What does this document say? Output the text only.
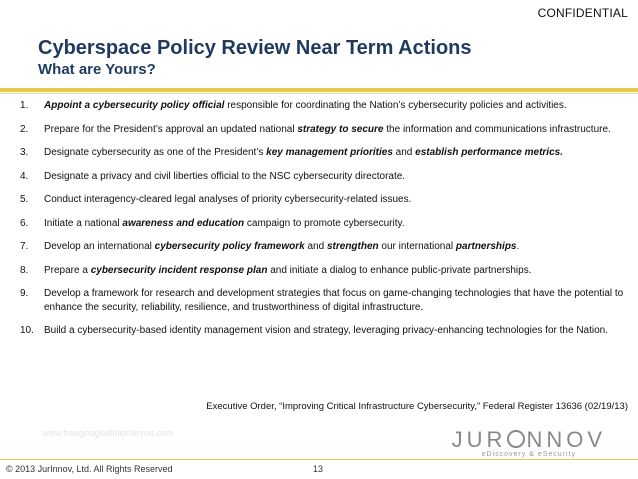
CONFIDENTIAL
Cyberspace Policy Review Near Term Actions
What are Yours?
1.	Appoint a cybersecurity policy official responsible for coordinating the Nation’s cybersecurity policies and activities.
2.	Prepare for the President’s approval an updated national strategy to secure the information and communications infrastructure.
3.	Designate cybersecurity as one of the President’s key management priorities and establish performance metrics.
4.	Designate a privacy and civil liberties official to the NSC cybersecurity directorate.
5.	Conduct interagency-cleared legal analyses of priority cybersecurity-related issues.
6.	Initiate a national awareness and education campaign to promote cybersecurity.
7.	Develop an international cybersecurity policy framework and strengthen our international partnerships.
8.	Prepare a cybersecurity incident response plan and initiate a dialog to enhance public-private partnerships.
9.	Develop a framework for research and development strategies that focus on game-changing technologies that have the potential to enhance the security, reliability, resilience, and trustworthiness of digital infrastructure.
10.	Build a cybersecurity-based identity management vision and strategy, leveraging privacy-enhancing technologies for the Nation.
Executive Order, “Improving Critical Infrastructure Cybersecurity,” Federal Register 13636 (02/19/13)
www.freegoogleslidesforyou.com	JUR NNOV
eDiscovery & eSecurity
© 2013 JurInnov, Ltd. All Rights Reserved	13
